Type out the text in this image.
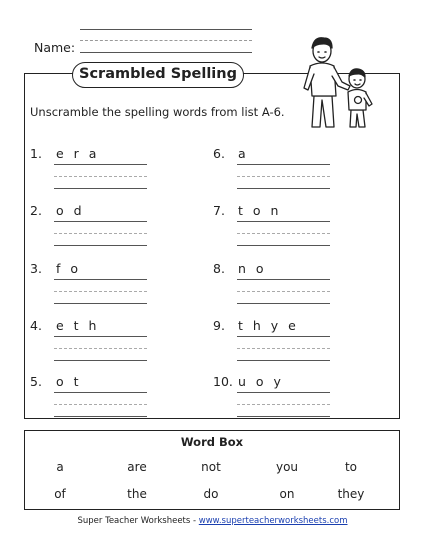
Name:
Scrambled Spelling
Unscramble the spelling words from list A-6.
1. e r a
2. o d
3. f o
4. e t h
5. o t
6. a
7. t o n
8. n o
9. t h y e
10. u o y
Word Box
a	are	not	you	to
of	the	do	on	they
Super Teacher Worksheets - www.superteacherworksheets.com
